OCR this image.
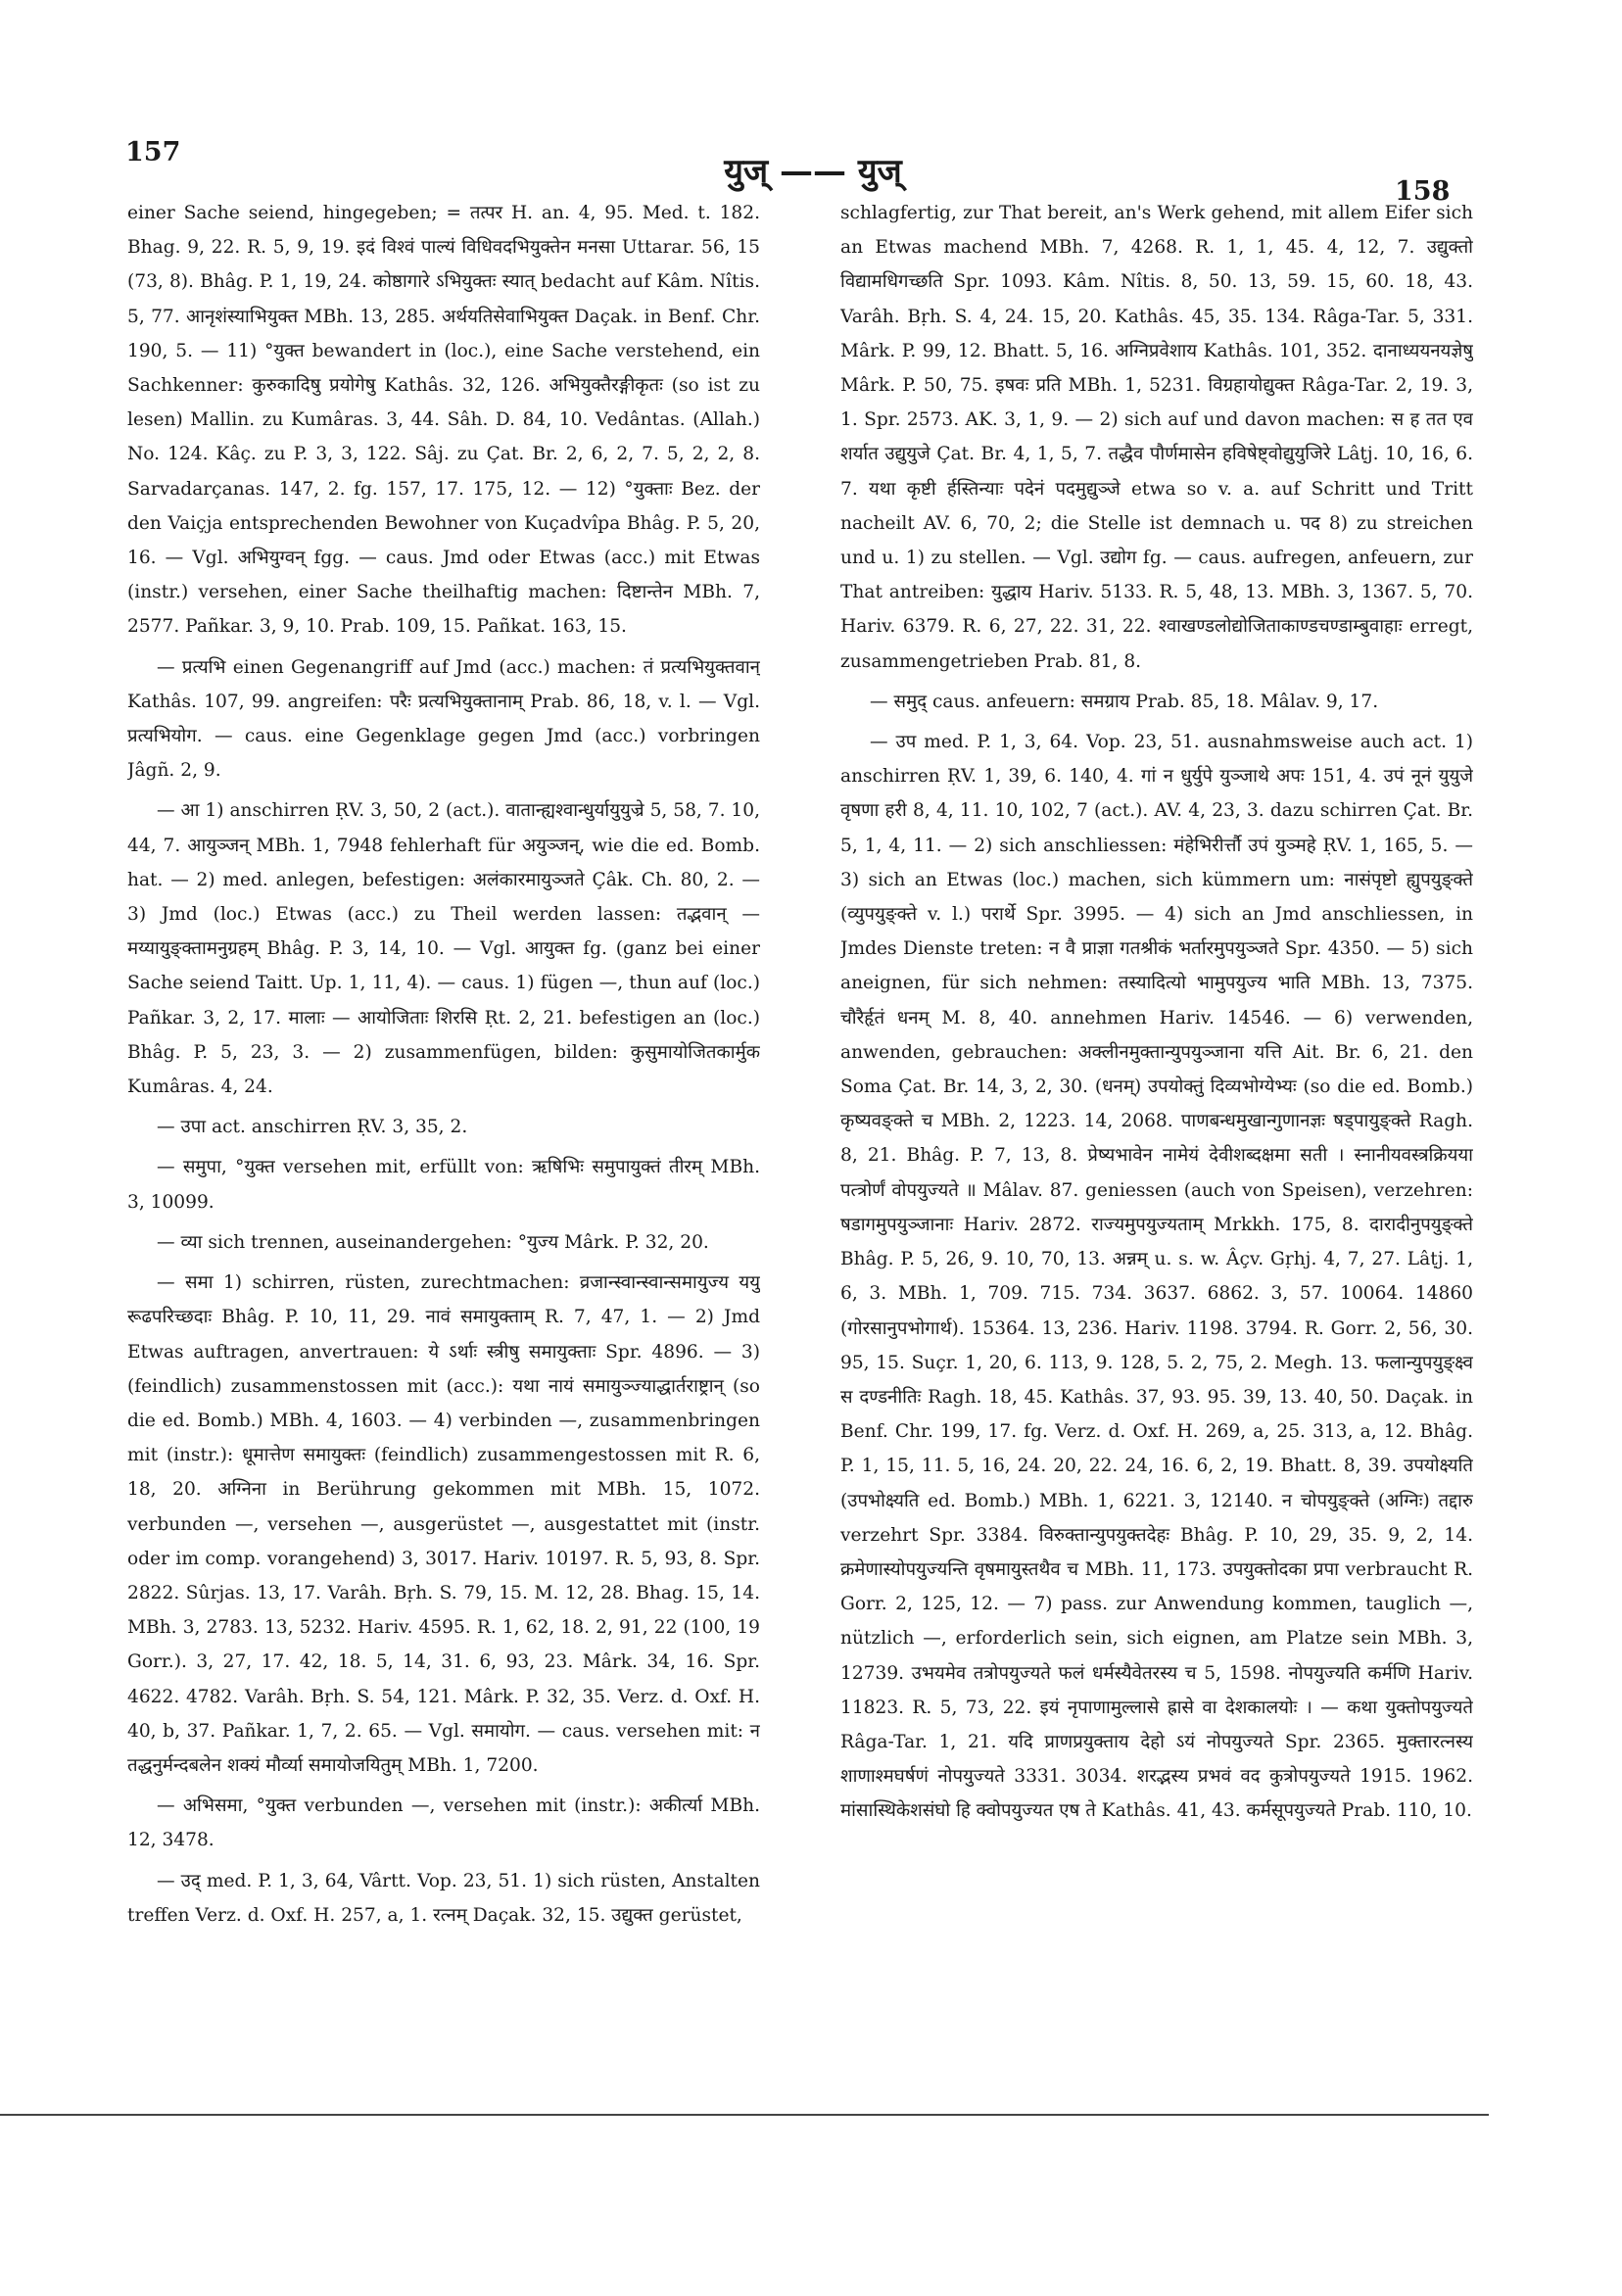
157	युज् —— युज्
158

einer Sache seiend, hingegeben; = तत्पर H. an. 4, 95. Med. t. 182. Bhag. 9, 22. R. 5, 9, 19. इदं विश्वं पाल्यं विधिवदभियुक्तेन मनसा Uttarar. 56, 15 (73, 8). Bhâg. P. 1, 19, 24. कोष्ठागारे ऽभियुक्तः स्यात् bedacht auf Kâm. Nîtis. 5, 77. आनृशंस्याभियुक्त MBh. 13, 285. अर्थयतिसेवाभियुक्त Daçak. in Benf. Chr. 190, 5. — 11) °युक्त bewandert in (loc.), eine Sache verstehend, ein Sachkenner: कुरुकादिषु प्रयोगेषु Kathâs. 32, 126. अभियुक्तैरङ्गीकृतः (so ist zu lesen) Mallin. zu Kumâras. 3, 44. Sâh. D. 84, 10. Vedântas. (Allah.) No. 124. Kâç. zu P. 3, 3, 122. Sâj. zu Çat. Br. 2, 6, 2, 7. 5, 2, 2, 8. Sarvadarçanas. 147, 2. fg. 157, 17. 175, 12. — 12) °युक्ताः Bez. der den Vaiçja entsprechenden Bewohner von Kuçadvîpa Bhâg. P. 5, 20, 16. — Vgl. अभियुग्वन् fgg. — caus. Jmd oder Etwas (acc.) mit Etwas (instr.) versehen, einer Sache theilhaftig machen: दिष्टान्तेन MBh. 7, 2577. Pañkar. 3, 9, 10. Prab. 109, 15. Pañkat. 163, 15.

— प्रत्यभि einen Gegenangriff auf Jmd (acc.) machen: तं प्रत्यभियुक्तवान् Kathâs. 107, 99. angreifen: परैः प्रत्यभियुक्तानाम् Prab. 86, 18, v. l. — Vgl. प्रत्यभियोग. — caus. eine Gegenklage gegen Jmd (acc.) vorbringen Jâgñ. 2, 9.

— आ 1) anschirren ṚV. 3, 50, 2 (act.). वातान्ह्यश्वान्धुर्यायुयुज्रे 5, 58, 7. 10, 44, 7. आयुञ्जन् MBh. 1, 7948 fehlerhaft für अयुञ्जन्, wie die ed. Bomb. hat. — 2) med. anlegen, befestigen: अलंकारमायुञ्जते Çâk. Ch. 80, 2. — 3) Jmd (loc.) Etwas (acc.) zu Theil werden lassen: तद्भवान् — मय्यायुङ्क्तामनुग्रहम् Bhâg. P. 3, 14, 10. — Vgl. आयुक्त fg. (ganz bei einer Sache seiend Taitt. Up. 1, 11, 4). — caus. 1) fügen —, thun auf (loc.) Pañkar. 3, 2, 17. मालाः — आयोजिताः शिरसि Ṛt. 2, 21. befestigen an (loc.) Bhâg. P. 5, 23, 3. — 2) zusammenfügen, bilden: कुसुमायोजितकार्मुक Kumâras. 4, 24.

— उपा act. anschirren ṚV. 3, 35, 2.

— समुपा, °युक्त versehen mit, erfüllt von: ऋषिभिः समुपायुक्तं तीरम् MBh. 3, 10099.

— व्या sich trennen, auseinandergehen: °युज्य Mârk. P. 32, 20.

— समा 1) schirren, rüsten, zurechtmachen: व्रजान्स्वान्स्वान्समायुज्य ययु रूढपरिच्छदाः Bhâg. P. 10, 11, 29. नावं समायुक्ताम् R. 7, 47, 1. — 2) Jmd Etwas auftragen, anvertrauen: ये ऽर्थाः स्त्रीषु समायुक्ताः Spr. 4896. — 3) (feindlich) zusammenstossen mit (acc.): यथा नायं समायुञ्ज्याद्धार्तराष्ट्रान् (so die ed. Bomb.) MBh. 4, 1603. — 4) verbinden —, zusammenbringen mit (instr.): धूमात्तेण समायुक्तः (feindlich) zusammengestossen mit R. 6, 18, 20. अग्निना in Berührung gekommen mit MBh. 15, 1072. verbunden —, versehen —, ausgerüstet —, ausgestattet mit (instr. oder im comp. vorangehend) 3, 3017. Hariv. 10197. R. 5, 93, 8. Spr. 2822. Sûrjas. 13, 17. Varâh. Bṛh. S. 79, 15. M. 12, 28. Bhag. 15, 14. MBh. 3, 2783. 13, 5232. Hariv. 4595. R. 1, 62, 18. 2, 91, 22 (100, 19 Gorr.). 3, 27, 17. 42, 18. 5, 14, 31. 6, 93, 23. Mârk. 34, 16. Spr. 4622. 4782. Varâh. Bṛh. S. 54, 121. Mârk. P. 32, 35. Verz. d. Oxf. H. 40, b, 37. Pañkar. 1, 7, 2. 65. — Vgl. समायोग. — caus. versehen mit: न तद्धनुर्मन्दबलेन शक्यं मौर्व्या समायोजयितुम् MBh. 1, 7200.

— अभिसमा, °युक्त verbunden —, versehen mit (instr.): अकीर्त्या MBh. 12, 3478.

— उद् med. P. 1, 3, 64, Vârtt. Vop. 23, 51. 1) sich rüsten, Anstalten treffen Verz. d. Oxf. H. 257, a, 1. रत्नम् Daçak. 32, 15. उद्युक्त gerüstet,

schlagfertig, zur That bereit, an's Werk gehend, mit allem Eifer sich an Etwas machend MBh. 7, 4268. R. 1, 1, 45. 4, 12, 7. उद्युक्तो विद्यामधिगच्छति Spr. 1093. Kâm. Nîtis. 8, 50. 13, 59. 15, 60. 18, 43. Varâh. Bṛh. S. 4, 24. 15, 20. Kathâs. 45, 35. 134. Râga-Tar. 5, 331. Mârk. P. 99, 12. Bhatt. 5, 16. अग्निप्रवेशाय Kathâs. 101, 352. दानाध्ययनयज्ञेषु Mârk. P. 50, 75. इषवः प्रति MBh. 1, 5231. विग्रहायोद्युक्त Râga-Tar. 2, 19. 3, 1. Spr. 2573. AK. 3, 1, 9. — 2) sich auf und davon machen: स ह तत एव शर्यात उद्युयुजे Çat. Br. 4, 1, 5, 7. तद्धैव पौर्णमासेन हविषेष्ट्वोद्युयुजिरे Lâṭj. 10, 16, 6. 7. यथा कृष्टी र्हस्तिन्याः पदेनं पदमुद्युञ्जे etwa so v. a. auf Schritt und Tritt nacheilt AV. 6, 70, 2; die Stelle ist demnach u. पद 8) zu streichen und u. 1) zu stellen. — Vgl. उद्योग fg. — caus. aufregen, anfeuern, zur That antreiben: युद्धाय Hariv. 5133. R. 5, 48, 13. MBh. 3, 1367. 5, 70. Hariv. 6379. R. 6, 27, 22. 31, 22. श्वाखण्डलोद्योजिताकाण्डचण्डाम्बुवाहाः erregt, zusammengetrieben Prab. 81, 8.

— समुद् caus. anfeuern: समग्राय Prab. 85, 18. Mâlav. 9, 17.

— उप med. P. 1, 3, 64. Vop. 23, 51. ausnahmsweise auch act. 1) anschirren ṚV. 1, 39, 6. 140, 4. गां न धुर्युपे युञ्जाथे अपः 151, 4. उपं नूनं युयुजे वृषणा हरी 8, 4, 11. 10, 102, 7 (act.). AV. 4, 23, 3. dazu schirren Çat. Br. 5, 1, 4, 11. — 2) sich anschliessen: मंहेभिरीर्त्तौ उपं युञ्महे ṚV. 1, 165, 5. — 3) sich an Etwas (loc.) machen, sich kümmern um: नासंपृष्टो ह्युपयुङ्क्ते (व्युपयुङ्क्ते v. l.) परार्थे Spr. 3995. — 4) sich an Jmd anschliessen, in Jmdes Dienste treten: न वै प्राज्ञा गतश्रीकं भर्तारमुपयुञ्जते Spr. 4350. — 5) sich aneignen, für sich nehmen: तस्यादित्यो भामुपयुज्य भाति MBh. 13, 7375. चौरैर्हृतं धनम् M. 8, 40. annehmen Hariv. 14546. — 6) verwenden, anwenden, gebrauchen: अक्लीनमुक्तान्युपयुञ्जाना यत्ति Ait. Br. 6, 21. den Soma Çat. Br. 14, 3, 2, 30. (धनम्) उपयोक्तुं दिव्यभोग्येभ्यः (so die ed. Bomb.) कृष्यवङ्क्ते च MBh. 2, 1223. 14, 2068. पाणबन्धमुखान्गुणानज्ञः षड्पायुङ्क्ते Ragh. 8, 21. Bhâg. P. 7, 13, 8. प्रेष्यभावेन नामेयं देवीशब्दक्षमा सती । स्नानीयवस्त्रक्रियया पत्त्रोर्णं वोपयुज्यते ॥ Mâlav. 87. geniessen (auch von Speisen), verzehren: षडागमुपयुञ्जानाः Hariv. 2872. राज्यमुपयुज्यताम् Mrkkh. 175, 8. दारादीनुपयुङ्क्ते Bhâg. P. 5, 26, 9. 10, 70, 13. अन्नम् u. s. w. Âçv. Gṛhj. 4, 7, 27. Lâṭj. 1, 6, 3. MBh. 1, 709. 715. 734. 3637. 6862. 3, 57. 10064. 14860 (गोरसानुपभोगार्थ). 15364. 13, 236. Hariv. 1198. 3794. R. Gorr. 2, 56, 30. 95, 15. Suçr. 1, 20, 6. 113, 9. 128, 5. 2, 75, 2. Megh. 13. फलान्युपयुङ्क्ष्व स दण्डनीतिः Ragh. 18, 45. Kathâs. 37, 93. 95. 39, 13. 40, 50. Daçak. in Benf. Chr. 199, 17. fg. Verz. d. Oxf. H. 269, a, 25. 313, a, 12. Bhâg. P. 1, 15, 11. 5, 16, 24. 20, 22. 24, 16. 6, 2, 19. Bhatt. 8, 39. उपयोक्ष्यति (उपभोक्ष्यति ed. Bomb.) MBh. 1, 6221. 3, 12140. न चोपयुङ्क्ते (अग्निः) तद्दारु verzehrt Spr. 3384. विरुक्तान्युपयुक्तदेहः Bhâg. P. 10, 29, 35. 9, 2, 14. क्रमेणास्योपयुज्यन्ति वृषमायुस्तथैव च MBh. 11, 173. उपयुक्तोदका प्रपा verbraucht R. Gorr. 2, 125, 12. — 7) pass. zur Anwendung kommen, tauglich —, nützlich —, erforderlich sein, sich eignen, am Platze sein MBh. 3, 12739. उभयमेव तत्रोपयुज्यते फलं धर्मस्यैवेतरस्य च 5, 1598. नोपयुज्यति कर्मणि Hariv. 11823. R. 5, 73, 22. इयं नृपाणामुल्लासे ह्रासे वा देशकालयोः । — कथा युक्तोपयुज्यते Râga-Tar. 1, 21. यदि प्राणप्रयुक्ताय देहो ऽयं नोपयुज्यते Spr. 2365. मुक्तारत्नस्य शाणाश्मघर्षणं नोपयुज्यते 3331. 3034. शरद्भस्य प्रभवं वद कुत्रोपयुज्यते 1915. 1962. मांसास्थिकेशसंघो हि क्वोपयुज्यत एष ते Kathâs. 41, 43. कर्मसूपयुज्यते Prab. 110, 10.
